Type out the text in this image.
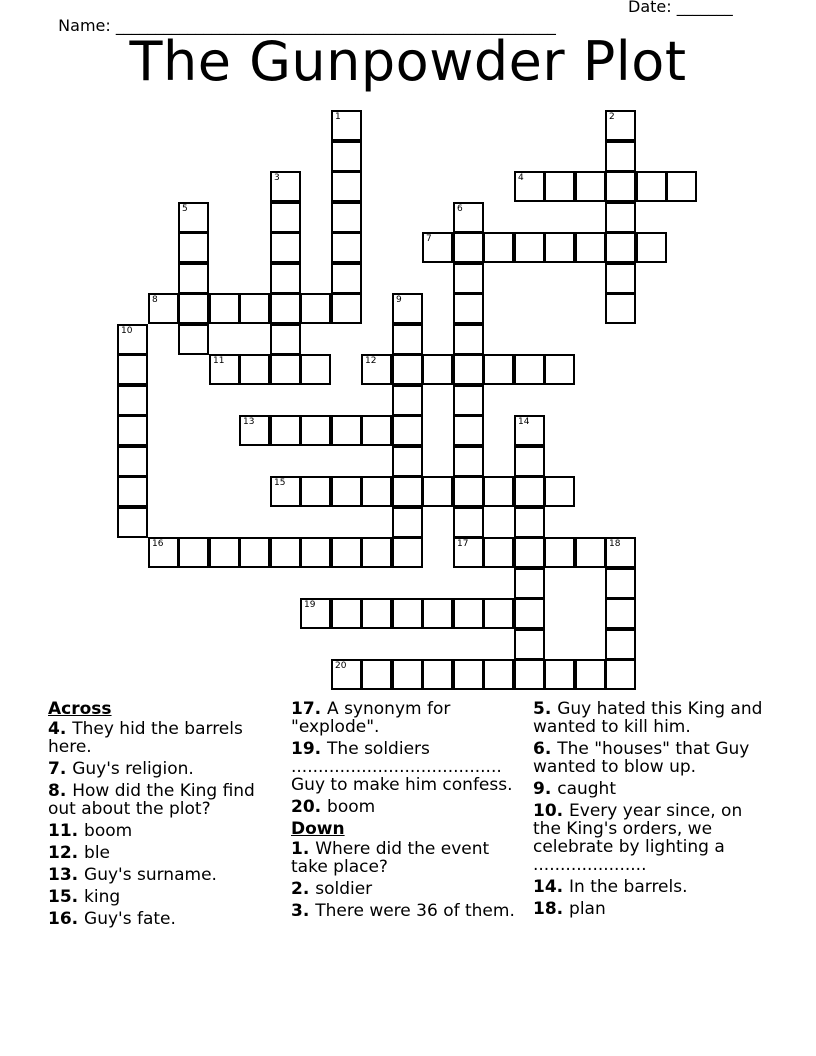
Name: _______________________________________________________

Date: _______

The Gunpowder Plot
4
7
8
11	12
13
15
16	17	18
19
20
1	2
3
5	6
9
10
14
Across
4. They hid the barrels here.
7. Guy's religion.
8. How did the King find out about the plot?
11. boom
12. ble
13. Guy's surname.
15. king
16. Guy's fate.
17. A synonym for "explode".
19. The soldiers ....................................... Guy to make him confess.
20. boom
Down
1. Where did the event take place?
2. soldier
3. There were 36 of them.
5. Guy hated this King and wanted to kill him.
6. The "houses" that Guy wanted to blow up.
9. caught
10. Every year since, on the King's orders, we celebrate by lighting a .....................
14. In the barrels.
18. plan
